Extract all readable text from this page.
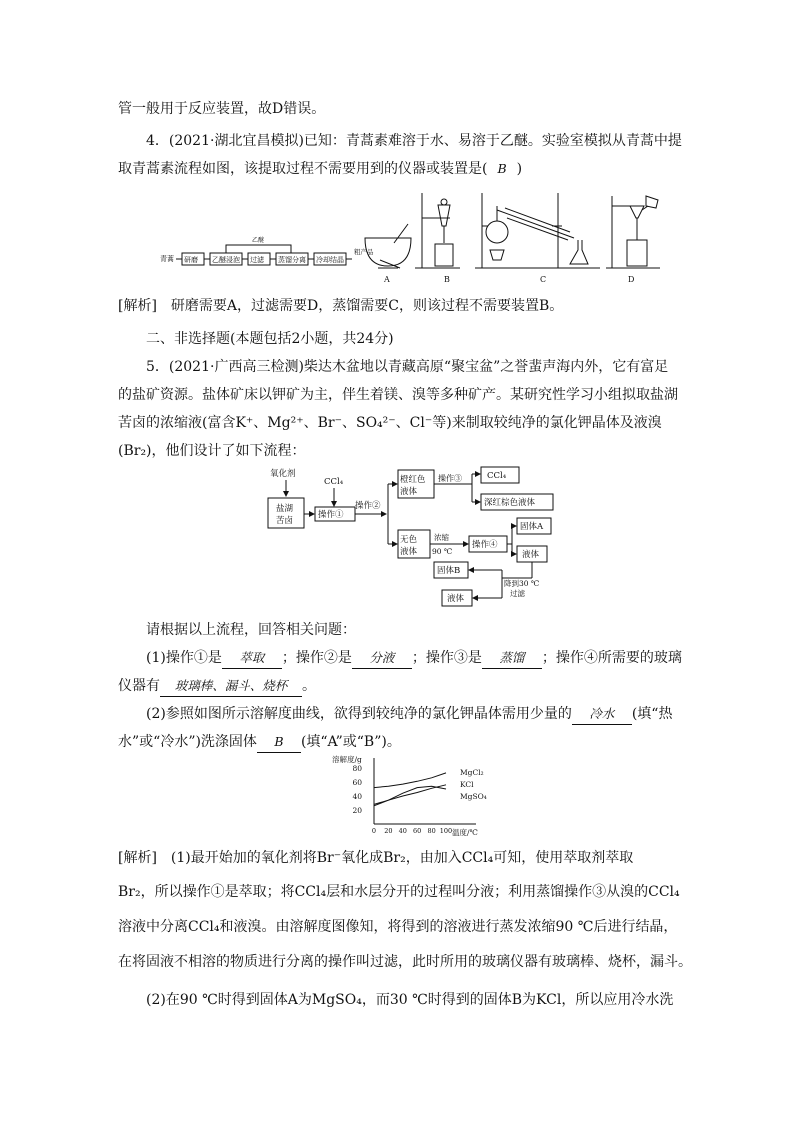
管一般用于反应装置，故D错误。
4．(2021·湖北宜昌模拟)已知：青蒿素难溶于水、易溶于乙醚。实验室模拟从青蒿中提
取青蒿素流程如图，该提取过程不需要用到的仪器或装置是( B )
青蒿 研磨 乙醚浸泡 过滤 蒸馏分离 冷却结晶
粗产品
乙醚
A	B	C	D
[解析]　研磨需要A，过滤需要D，蒸馏需要C，则该过程不需要装置B。
二、非选择题(本题包括2小题，共24分)
5．(2021·广西高三检测)柴达木盆地以青藏高原“聚宝盆”之誉蜚声海内外，它有富足
的盐矿资源。盐体矿床以钾矿为主，伴生着镁、溴等多种矿产。某研究性学习小组拟取盐湖
苦卤的浓缩液(富含K⁺、Mg²⁺、Br⁻、SO₄²⁻、Cl⁻等)来制取较纯净的氯化钾晶体及液溴
(Br₂)，他们设计了如下流程：
氧化剂
盐湖
苦卤
CCl₄
操作①
操作②
橙红色
液体
操作③	CCl₄
深红棕色液体
无色
液体
浓缩
90 ℃
操作④
固体A
液体
降到30 ℃
过滤
固体B
液体
请根据以上流程，回答相关问题：
(1)操作①是 萃取 ；操作②是 分液 ；操作③是 蒸馏 ；操作④所需要的玻璃
仪器有 玻璃棒、漏斗、烧杯 。
(2)参照如图所示溶解度曲线，欲得到较纯净的氯化钾晶体需用少量的 冷水 (填“热
水”或“冷水”)洗涤固体 B (填“A”或“B”)。
溶解度/g
温度/℃
20
40
60
80
0 20 40 60 80 100
MgCl₂
KCl
MgSO₄
[解析]　(1)最开始加的氧化剂将Br⁻氧化成Br₂，由加入CCl₄可知，使用萃取剂萃取
Br₂，所以操作①是萃取；将CCl₄层和水层分开的过程叫分液；利用蒸馏操作③从溴的CCl₄
溶液中分离CCl₄和液溴。由溶解度图像知，将得到的溶液进行蒸发浓缩90 ℃后进行结晶，
在将固液不相溶的物质进行分离的操作叫过滤，此时所用的玻璃仪器有玻璃棒、烧杯，漏斗。
(2)在90 ℃时得到固体A为MgSO₄，而30 ℃时得到的固体B为KCl，所以应用冷水洗
